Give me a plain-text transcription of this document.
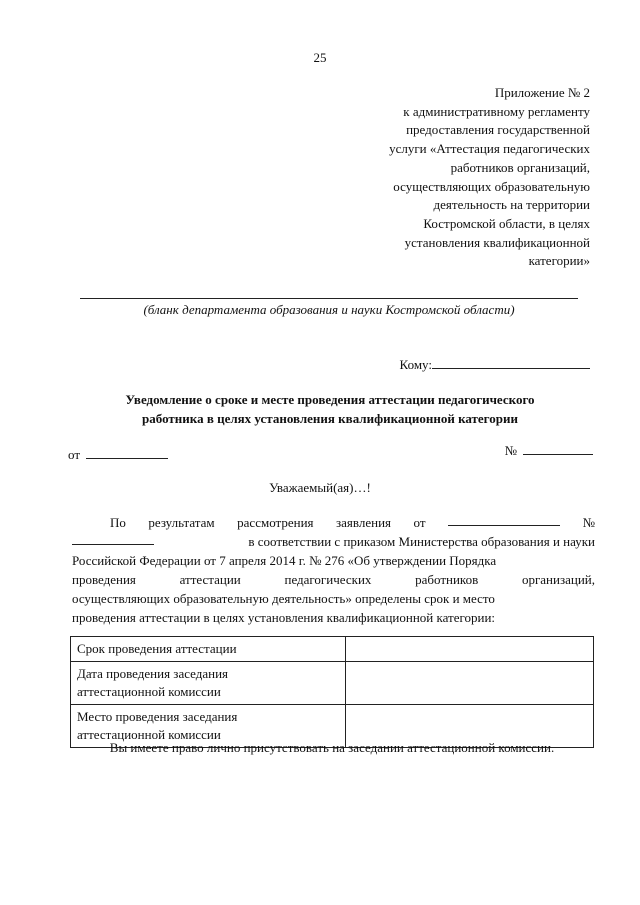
25
Приложение № 2
к административному регламенту
предоставления государственной
услуги «Аттестация педагогических
работников организаций,
осуществляющих образовательную
деятельность на территории
Костромской области, в целях
установления квалификационной
категории»
(бланк департамента образования и науки Костромской области)
Кому:
Уведомление о сроке и месте проведения аттестации педагогического
работника в целях установления квалификационной категории
от	№
Уважаемый(ая)…!
По результатам рассмотрения заявления от	№
в соответствии с приказом Министерства образования и науки
Российской Федерации от 7 апреля 2014 г. № 276 «Об утверждении Порядка
проведения	аттестации	педагогических	работников	организаций,
осуществляющих образовательную деятельность» определены срок и место
проведения аттестации в целях установления квалификационной категории:
Срок проведения аттестации	

Дата проведения заседания
аттестационной комиссии	

Место проведения заседания
аттестационной комиссии	

Вы имеете право лично присутствовать на заседании аттестационной комиссии.
